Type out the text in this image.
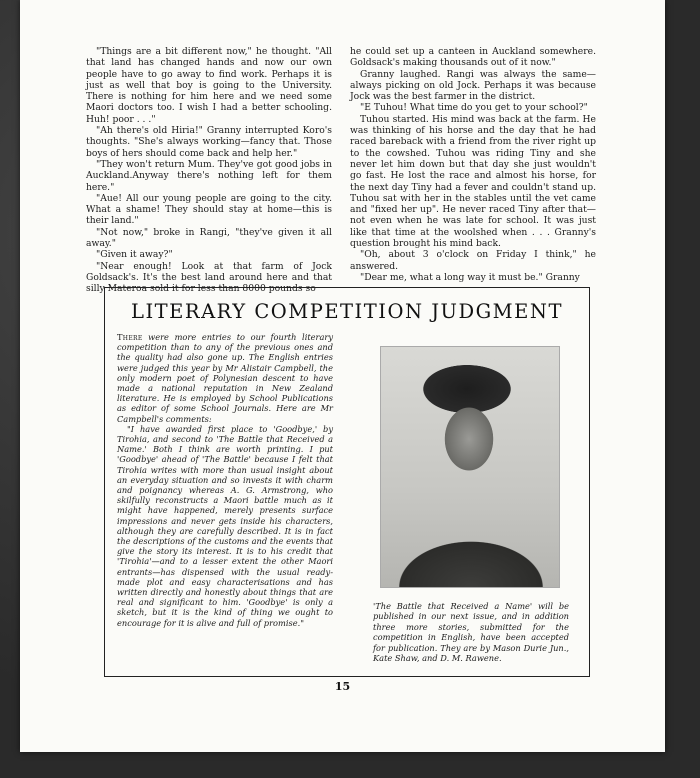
"Things are a bit different now," he thought. "All that land has changed hands and now our own people have to go away to find work. Perhaps it is just as well that boy is going to the University. There is nothing for him here and we need some Maori doctors too. I wish I had a better schooling. Huh! poor . . ."

"Ah there's old Hiria!" Granny interrupted Koro's thoughts. "She's always working—fancy that. Those boys of hers should come back and help her."

"They won't return Mum. They've got good jobs in Auckland.Anyway there's nothing left for them here."

"Aue! All our young people are going to the city. What a shame! They should stay at home—this is their land."

"Not now," broke in Rangi, "they've given it all away."

"Given it away?"

"Near enough! Look at that farm of Jock Goldsack's. It's the best land around here and that silly Materoa sold it for less than 8000 pounds so

he could set up a canteen in Auckland somewhere. Goldsack's making thousands out of it now."

Granny laughed. Rangi was always the same—always picking on old Jock. Perhaps it was because Jock was the best farmer in the district.

"E Tuhou! What time do you get to your school?"

Tuhou started. His mind was back at the farm. He was thinking of his horse and the day that he had raced bareback with a friend from the river right up to the cowshed. Tuhou was riding Tiny and she never let him down but that day she just wouldn't go fast. He lost the race and almost his horse, for the next day Tiny had a fever and couldn't stand up. Tuhou sat with her in the stables until the vet came and "fixed her up". He never raced Tiny after that—not even when he was late for school. It was just like that time at the woolshed when . . . Granny's question brought his mind back.

"Oh, about 3 o'clock on Friday I think," he answered.

"Dear me, what a long way it must be." Granny

LITERARY COMPETITION JUDGMENT

There were more entries to our fourth literary competition than to any of the previous ones and the quality had also gone up. The English entries were judged this year by Mr Alistair Campbell, the only modern poet of Polynesian descent to have made a national reputation in New Zealand literature. He is employed by School Publications as editor of some School Journals. Here are Mr Campbell's comments:

"I have awarded first place to 'Goodbye,' by Tirohia, and second to 'The Battle that Received a Name.' Both I think are worth printing. I put 'Goodbye' ahead of 'The Battle' because I felt that Tirohia writes with more than usual insight about an everyday situation and so invests it with charm and poignancy whereas A. G. Armstrong, who skilfully reconstructs a Maori battle much as it might have happened, merely presents surface impressions and never gets inside his characters, although they are carefully described. It is in fact the descriptions of the customs and the events that give the story its interest. It is to his credit that 'Tirohia'—and to a lesser extent the other Maori entrants—has dispensed with the usual ready-made plot and easy characterisations and has written directly and honestly about things that are real and significant to him. 'Goodbye' is only a sketch, but it is the kind of thing we ought to encourage for it is alive and full of promise."

'The Battle that Received a Name' will be published in our next issue, and in addition three more stories, submitted for the competition in English, have been accepted for publication. They are by Mason Durie Jun., Kate Shaw, and D. M. Rawene.
15
